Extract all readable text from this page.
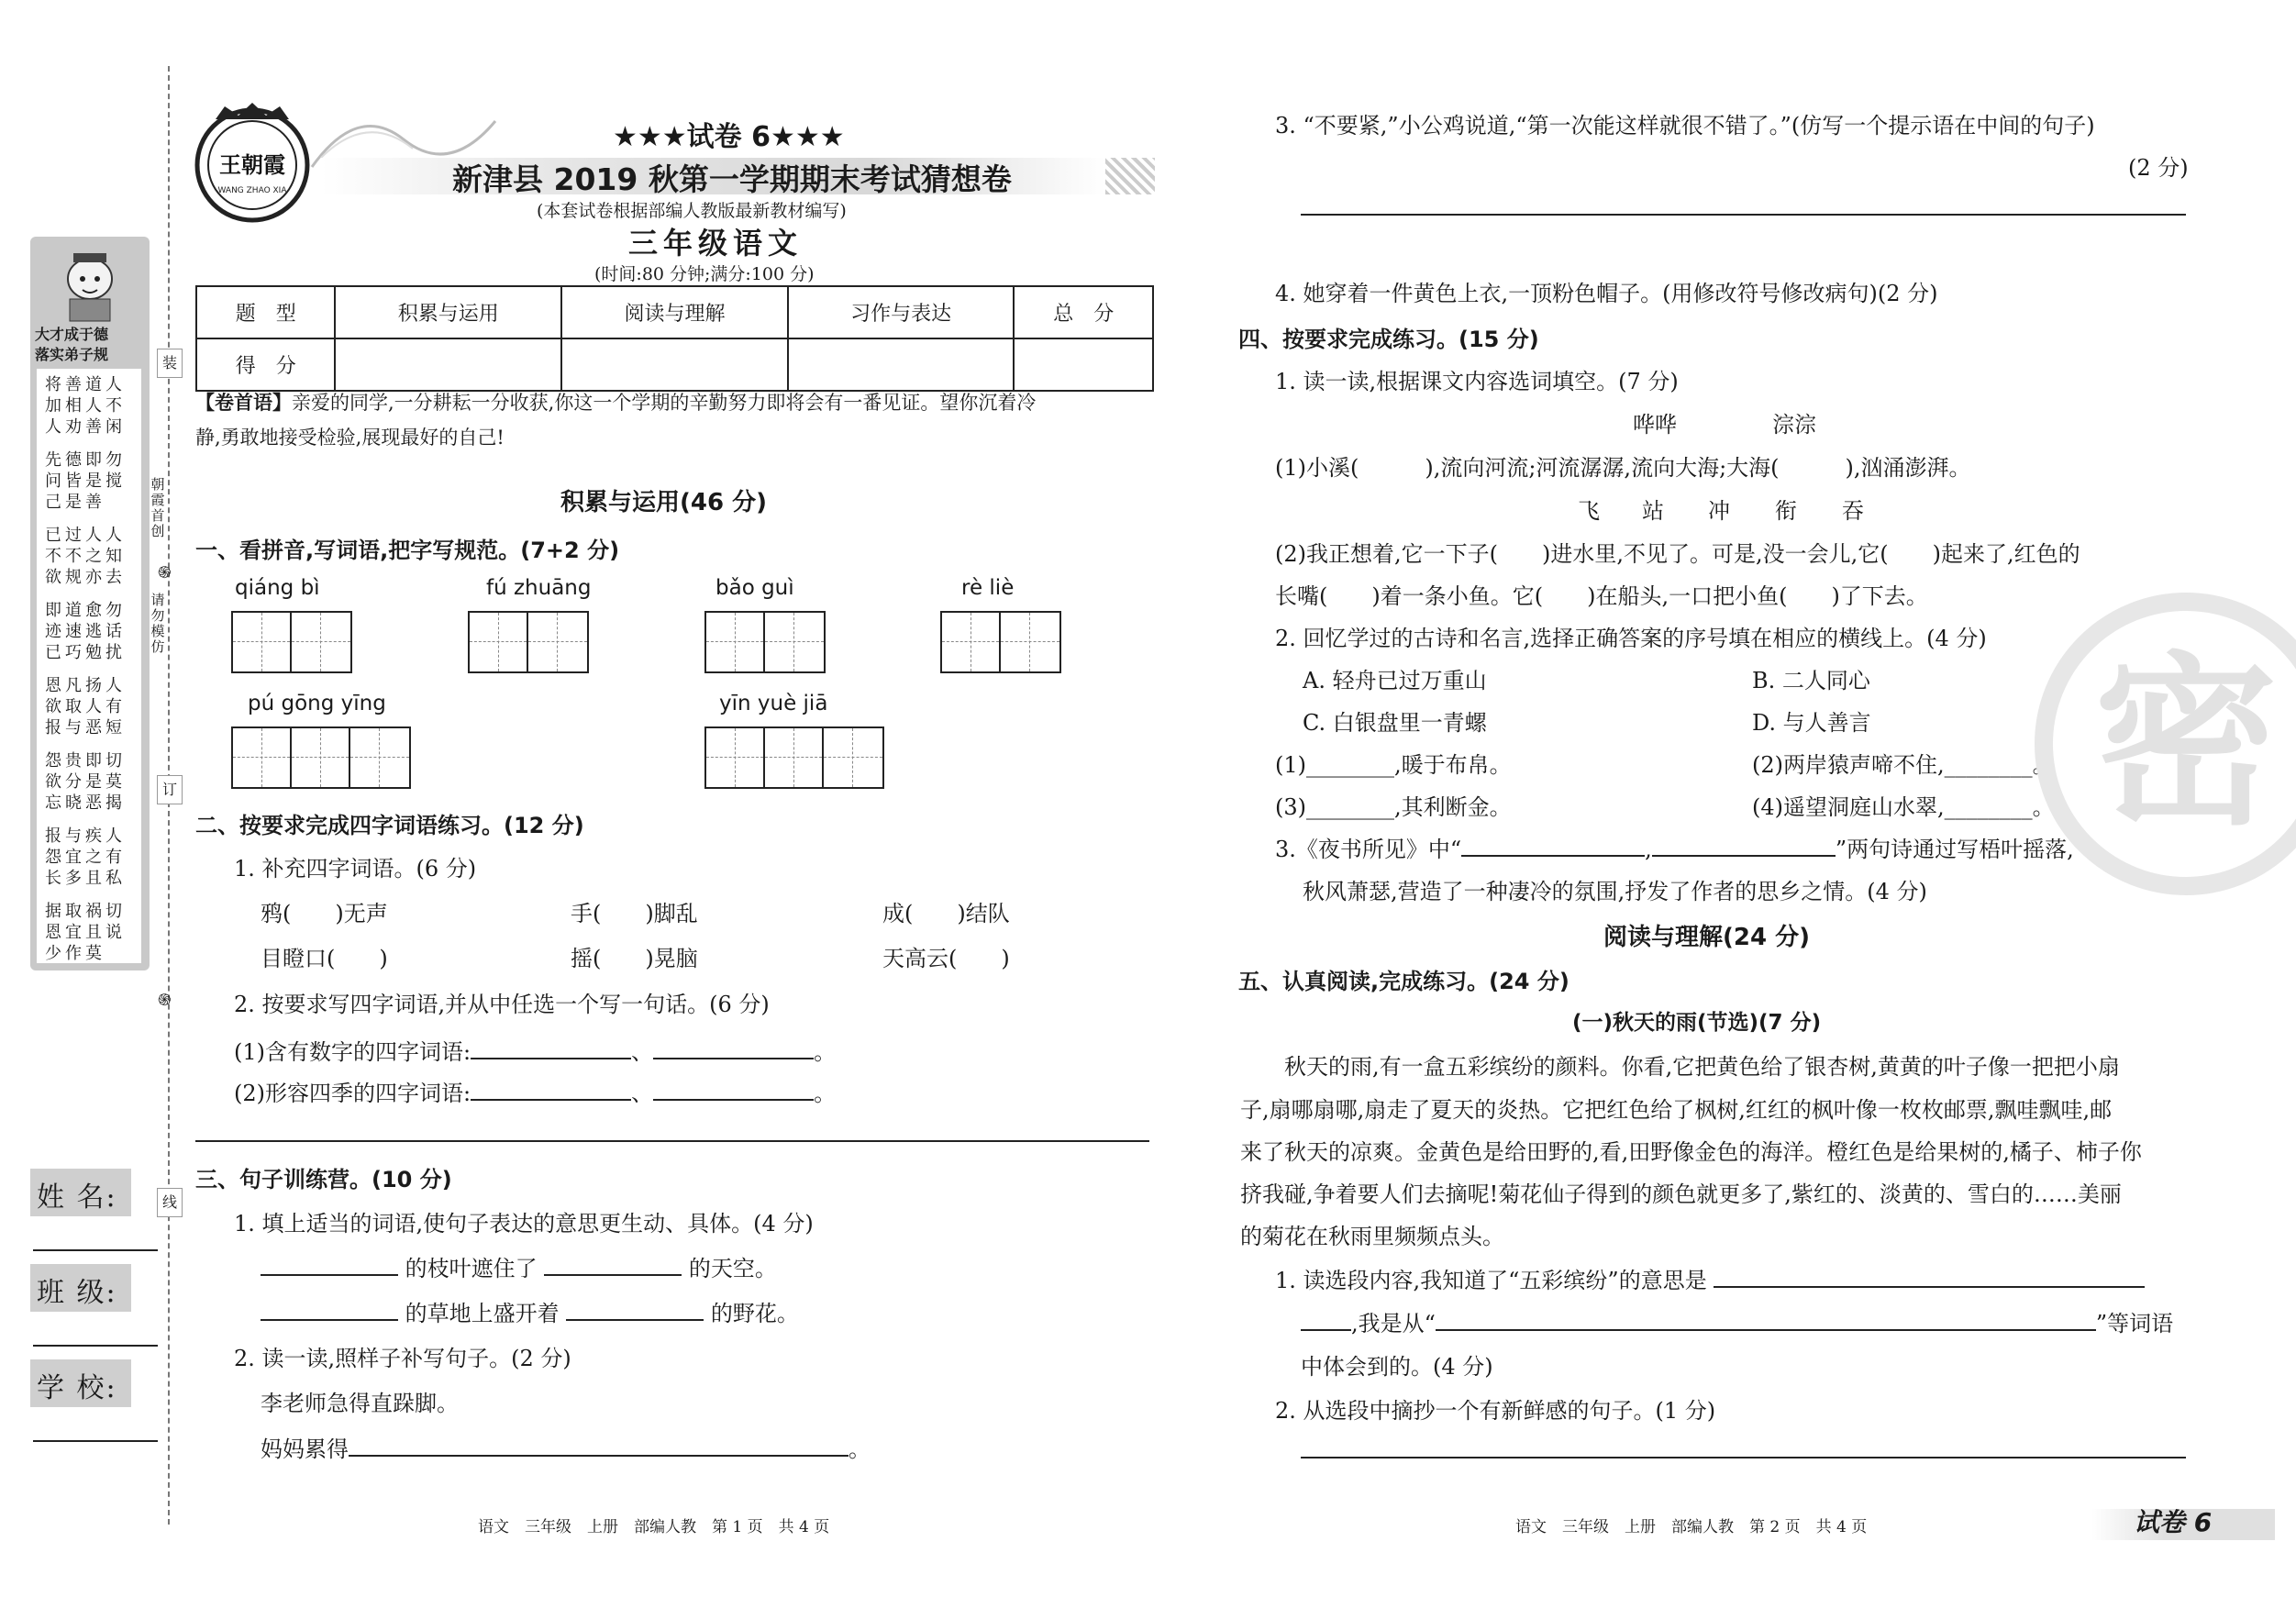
大才成于德
落实弟子规
将加人
善相劝
道人善
人不闲
先问己
德皆是
即是善
勿搅
已不欲
过不规
人之亦
人知去
即迹已
道速巧
愈逃勉
勿话扰
恩欲报
凡取与
扬人恶
人有短
怨欲忘
贵分晓
即是恶
切莫揭
报怨长
与宜多
疾之且
人有私
据恩少
取宜作
祸且莫
切说
装
订
线
朝霞首创
请勿模仿
֍
֍
姓 名:
班 级:
学 校:
王朝霞
WANG ZHAO XIA
★★★试卷 6★★★
新津县 2019 秋第一学期期末考试猜想卷
(本套试卷根据部编人教版最新教材编写)
三年级语文
(时间:80 分钟;满分:100 分)
题　型	积累与运用	阅读与理解	习作与表达	总　分
得　分				
【卷首语】亲爱的同学,一分耕耘一分收获,你这一个学期的辛勤努力即将会有一番见证。望你沉着冷
静,勇敢地接受检验,展现最好的自己!
积累与运用(46 分)
一、看拼音,写词语,把字写规范。(7+2 分)
qiáng bì	fú zhuāng	bǎo guì	rè liè
pú gōng yīng	yīn yuè jiā
二、按要求完成四字词语练习。(12 分)
1. 补充四字词语。(6 分)
鸦(　　)无声	手(　　)脚乱	成(　　)结队
目瞪口(　　)	摇(　　)晃脑	天高云(　　)
2. 按要求写四字词语,并从中任选一个写一句话。(6 分)
(1)含有数字的四字词语:	、	。
(2)形容四季的四字词语:	、	。
三、句子训练营。(10 分)
1. 填上适当的词语,使句子表达的意思更生动、具体。(4 分)
的枝叶遮住了	的天空。
的草地上盛开着	的野花。
2. 读一读,照样子补写句子。(2 分)
李老师急得直跺脚。
妈妈累得	。
语文　三年级　上册　部编人教　第 1 页　共 4 页
3. “不要紧,”小公鸡说道,“第一次能这样就很不错了。”(仿写一个提示语在中间的句子)
(2 分)
4. 她穿着一件黄色上衣,一顶粉色帽子。(用修改符号修改病句)(2 分)
四、按要求完成练习。(15 分)
1. 读一读,根据课文内容选词填空。(7 分)
哗哗	淙淙
(1)小溪(　　　),流向河流;河流潺潺,流向大海;大海(　　　),汹涌澎湃。
飞 站 冲 衔 吞
(2)我正想着,它一下子(　　)进水里,不见了。可是,没一会儿,它(　　)起来了,红色的
长嘴(　　)着一条小鱼。它(　　)在船头,一口把小鱼(　　)了下去。
2. 回忆学过的古诗和名言,选择正确答案的序号填在相应的横线上。(4 分)
A. 轻舟已过万重山	B. 二人同心
C. 白银盘里一青螺	D. 与人善言
(1)________,暖于布帛。	(2)两岸猿声啼不住,________。
(3)________,其利断金。	(4)遥望洞庭山水翠,________。
3.《夜书所见》中“	,	”两句诗通过写梧叶摇落,
秋风萧瑟,营造了一种凄冷的氛围,抒发了作者的思乡之情。(4 分)
阅读与理解(24 分)
五、认真阅读,完成练习。(24 分)
(一)秋天的雨(节选)(7 分)
秋天的雨,有一盒五彩缤纷的颜料。你看,它把黄色给了银杏树,黄黄的叶子像一把把小扇
子,扇哪扇哪,扇走了夏天的炎热。它把红色给了枫树,红红的枫叶像一枚枚邮票,飘哇飘哇,邮
来了秋天的凉爽。金黄色是给田野的,看,田野像金色的海洋。橙红色是给果树的,橘子、柿子你
挤我碰,争着要人们去摘呢!菊花仙子得到的颜色就更多了,紫红的、淡黄的、雪白的……美丽
的菊花在秋雨里频频点头。
1. 读选段内容,我知道了“五彩缤纷”的意思是
,我是从“	”等词语
中体会到的。(4 分)
2. 从选段中摘抄一个有新鲜感的句子。(1 分)
语文　三年级　上册　部编人教　第 2 页　共 4 页	试卷 6
密
